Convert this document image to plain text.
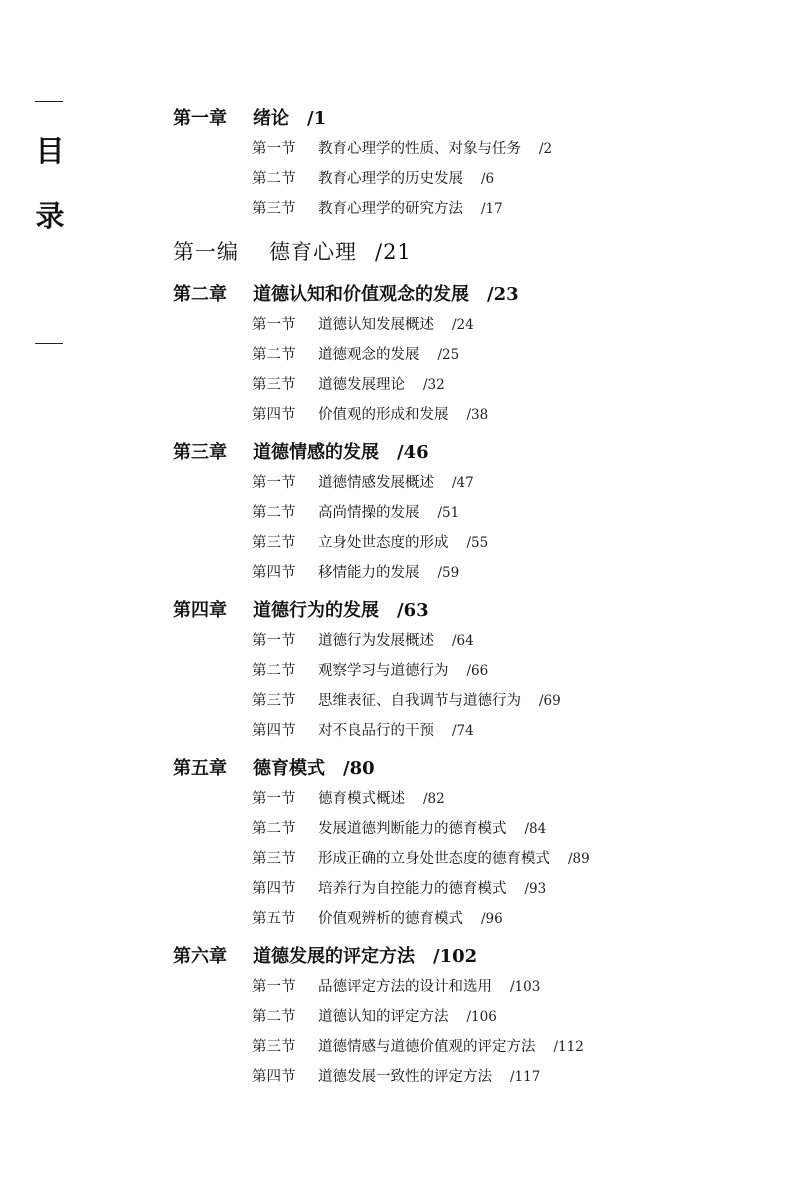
目
录
第一章 绪论 /1
第一节 教育心理学的性质、对象与任务 /2
第二节 教育心理学的历史发展 /6
第三节 教育心理学的研究方法 /17
第一编 德育心理 /21
第二章 道德认知和价值观念的发展 /23
第一节 道德认知发展概述 /24
第二节 道德观念的发展 /25
第三节 道德发展理论 /32
第四节 价值观的形成和发展 /38
第三章 道德情感的发展 /46
第一节 道德情感发展概述 /47
第二节 高尚情操的发展 /51
第三节 立身处世态度的形成 /55
第四节 移情能力的发展 /59
第四章 道德行为的发展 /63
第一节 道德行为发展概述 /64
第二节 观察学习与道德行为 /66
第三节 思维表征、自我调节与道德行为 /69
第四节 对不良品行的干预 /74
第五章 德育模式 /80
第一节 德育模式概述 /82
第二节 发展道德判断能力的德育模式 /84
第三节 形成正确的立身处世态度的德育模式 /89
第四节 培养行为自控能力的德育模式 /93
第五节 价值观辨析的德育模式 /96
第六章 道德发展的评定方法 /102
第一节 品德评定方法的设计和选用 /103
第二节 道德认知的评定方法 /106
第三节 道德情感与道德价值观的评定方法 /112
第四节 道德发展一致性的评定方法 /117
